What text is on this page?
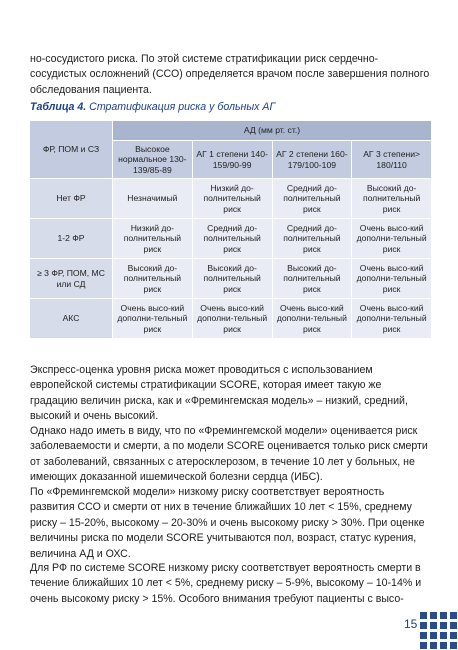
но-сосудистого риска. По этой системе стратификации риск сердечно-сосудистых осложнений (ССО) определяется врачом после завершения полного обследования пациента.
Таблица 4. Стратификация риска у больных АГ
ФР, ПОМ и СЗ	АД (мм рт. ст.)			
	Высокое нормальное 130-139/85-89	АГ 1 степени 140-159/90-99	АГ 2 степени 160-179/100-109	АГ 3 степени> 180/110
Нет ФР	Незначимый	Низкий до-полнительный риск	Средний до-полнительный риск	Высокий до-полнительный риск
1-2 ФР	Низкий до-полнительный риск	Средний до-полнительный риск	Средний до-полнительный риск	Очень высо-кий дополни-тельный риск
≥ 3 ФР, ПОМ, МС или СД	Высокий до-полнительный риск	Высокий до-полнительный риск	Высокий до-полнительный риск	Очень высо-кий дополни-тельный риск
АКС	Очень высо-кий дополни-тельный риск	Очень высо-кий дополни-тельный риск	Очень высо-кий дополни-тельный риск	Очень высо-кий дополни-тельный риск
Экспресс-оценка уровня риска может проводиться с использованием европейской системы стратификации SCORE, которая имеет такую же градацию величин риска, как и «Фремингемская модель» – низкий, средний, высокий и очень высокий.
Однако надо иметь в виду, что по «Фремингемской модели» оценивается риск заболеваемости и смерти, а по модели SCORE оценивается только риск смерти от заболеваний, связанных с атеросклерозом, в течение 10 лет у больных, не имеющих доказанной ишемической болезни сердца (ИБС).
По «Фремингемской модели» низкому риску соответствует вероятность развития ССО и смерти от них в течение ближайших 10 лет < 15%, среднему риску – 15-20%, высокому – 20-30% и очень высокому риску > 30%. При оценке величины риска по модели SCORE учитываются пол, возраст, статус курения, величина АД и ОХС.
Для РФ по системе SCORE низкому риску соответствует вероятность смерти в течение ближайших 10 лет < 5%, среднему риску – 5-9%, высокому – 10-14% и очень высокому риску > 15%. Особого внимания требуют пациенты с высо-
15
